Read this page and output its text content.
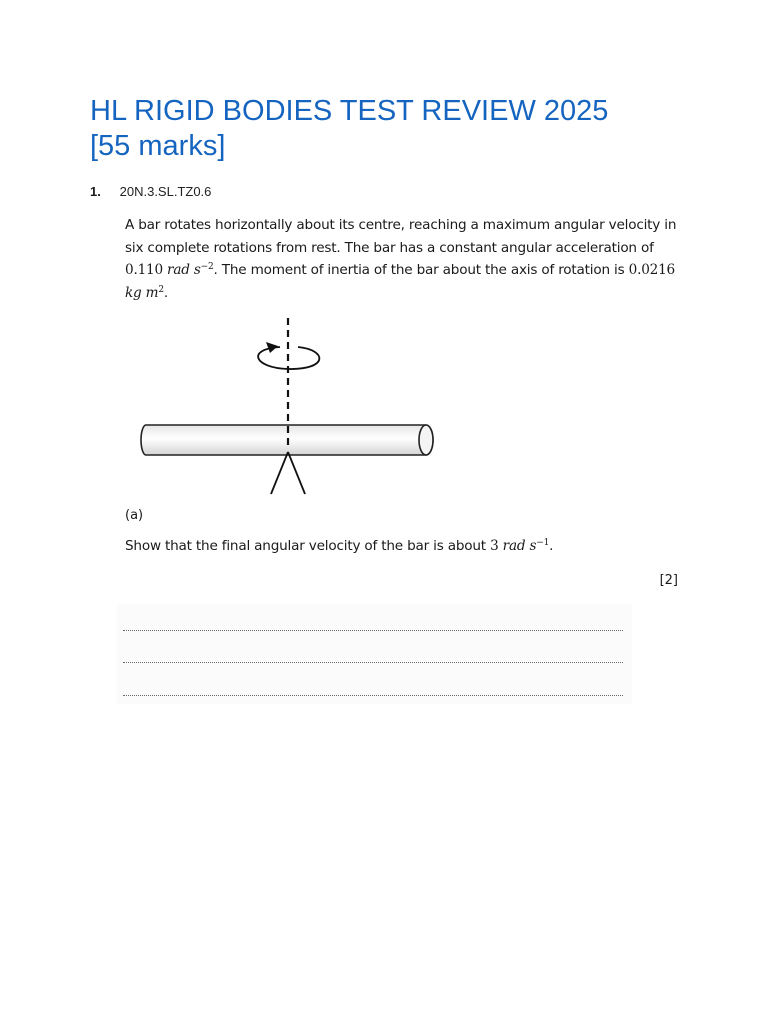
HL RIGID BODIES TEST REVIEW 2025
[55 marks]
1. 20N.3.SL.TZ0.6

A bar rotates horizontally about its centre, reaching a maximum angular velocity in six complete rotations from rest. The bar has a constant angular acceleration of 0.110 rad $s^{-2}$. The moment of inertia of the bar about the axis of rotation is 0.0216 kg $m^2$.

(a)
Show that the final angular velocity of the bar is about 3 rad $s^{-1}$.
[2]
